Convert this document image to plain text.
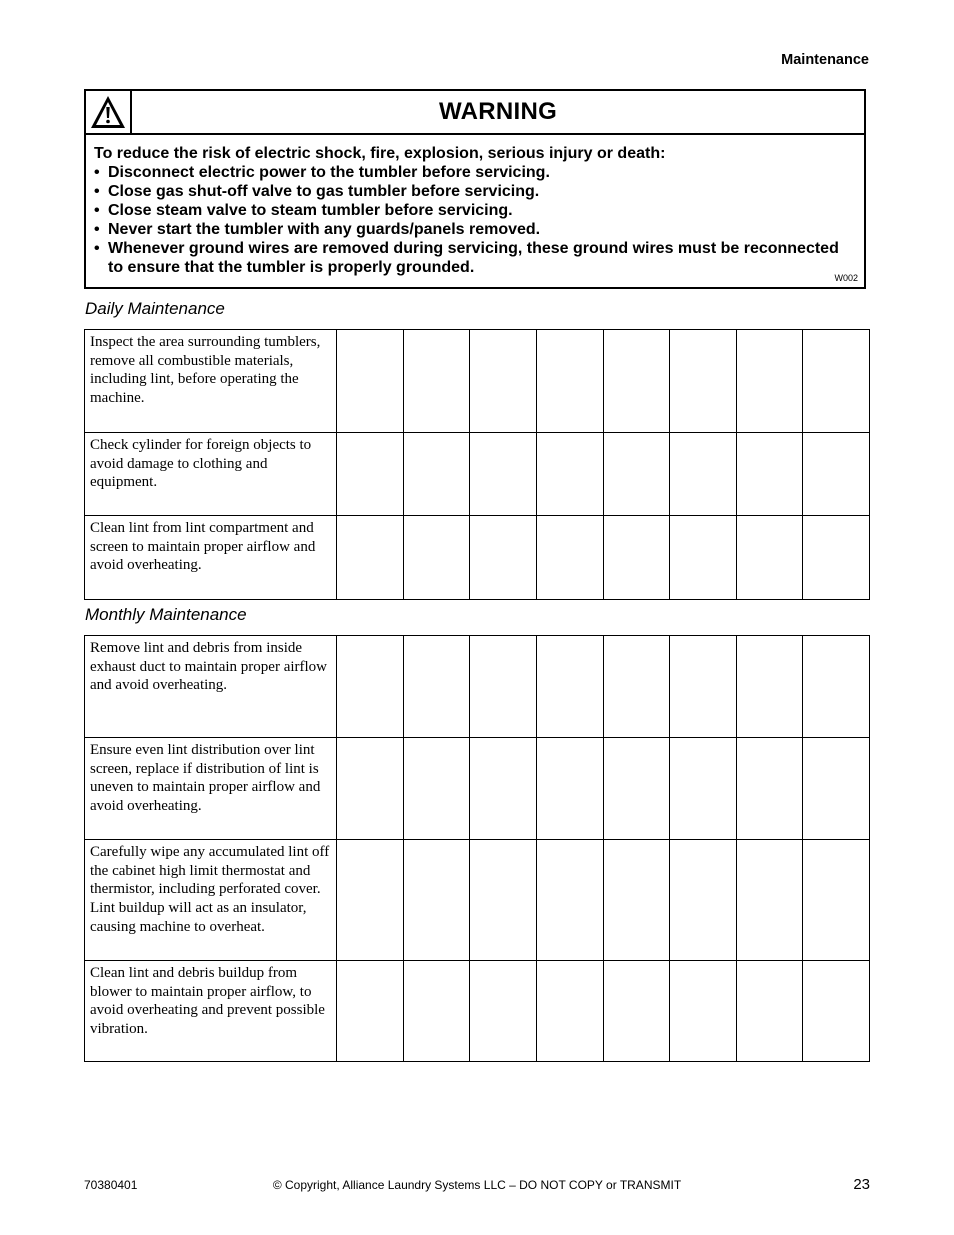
Maintenance
WARNING
To reduce the risk of electric shock, fire, explosion, serious injury or death:
• Disconnect electric power to the tumbler before servicing.
• Close gas shut-off valve to gas tumbler before servicing.
• Close steam valve to steam tumbler before servicing.
• Never start the tumbler with any guards/panels removed.
• Whenever ground wires are removed during servicing, these ground wires must be reconnected to ensure that the tumbler is properly grounded.
W002
Daily Maintenance
Inspect the area surrounding tumblers, remove all combustible materials, including lint, before operating the machine.								
Check cylinder for foreign objects to avoid damage to clothing and equipment.								
Clean lint from lint compartment and screen to maintain proper airflow and avoid overheating.								
Monthly Maintenance
Remove lint and debris from inside exhaust duct to maintain proper airflow and avoid overheating.								
Ensure even lint distribution over lint screen, replace if distribution of lint is uneven to maintain proper airflow and avoid overheating.								
Carefully wipe any accumulated lint off the cabinet high limit thermostat and thermistor, including perforated cover. Lint buildup will act as an insulator, causing machine to overheat.								
Clean lint and debris buildup from blower to maintain proper airflow, to avoid overheating and prevent possible vibration.								
70380401	© Copyright, Alliance Laundry Systems LLC – DO NOT COPY or TRANSMIT	23
